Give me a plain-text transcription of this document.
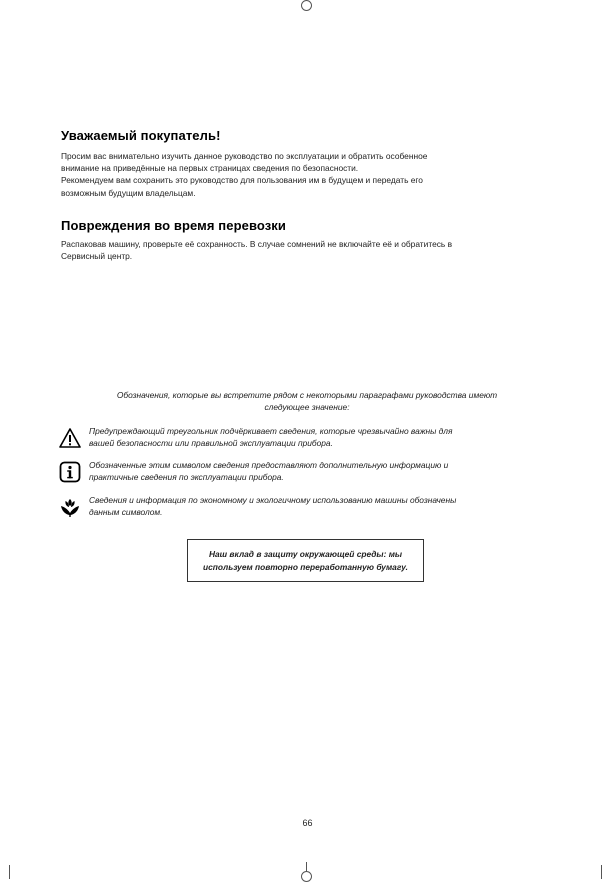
Уважаемый покупатель!
Просим вас внимательно изучить данное руководство по эксплуатации и обратить особенное
внимание на приведённые на первых страницах сведения по безопасности.
Рекомендуем вам сохранить это руководство для пользования им в будущем и передать его
возможным будущим владельцам.
Повреждения во время перевозки
Распаковав машину, проверьте её сохранность. В случае сомнений не включайте её и обратитесь в
Сервисный центр.
Обозначения, которые вы встретите рядом с некоторыми параграфами руководства имеют
следующее значение:
Предупреждающий треугольник подчёркивает сведения, которые чрезвычайно важны для
вашей безопасности или правильной эксплуатации прибора.
Обозначенные этим символом сведения предоставляют дополнительную информацию и
практичные сведения по эксплуатации прибора.
Сведения и информация по экономному и экологичному использованию машины обозначены
данным символом.
Наш вклад в защиту окружающей среды: мы
используем повторно переработанную бумагу.
66
